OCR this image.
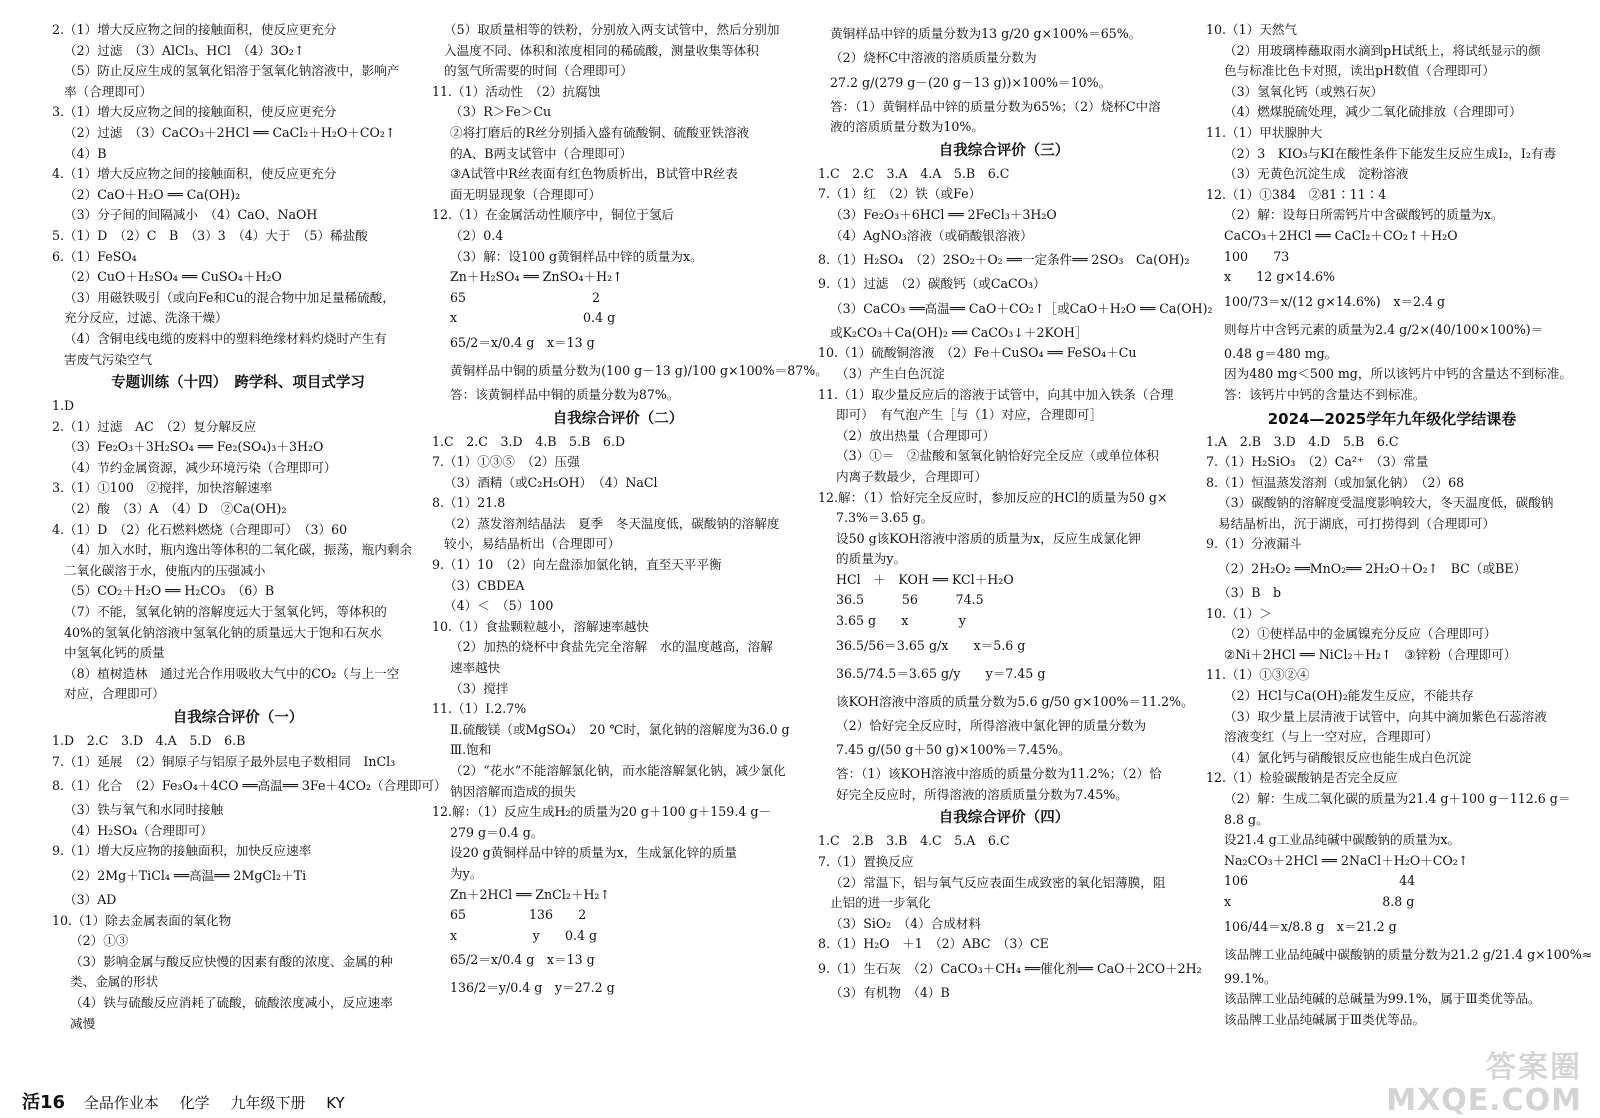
2.（1）增大反应物之间的接触面积，使反应更充分
（2）过滤　（3）AlCl₃、HCl　（4）3O₂↑
（5）防止反应生成的氢氧化铝溶于氢氧化钠溶液中，影响产
率（合理即可）
3.（1）增大反应物之间的接触面积，使反应更充分
（2）过滤　（3）CaCO₃＋2HCl ══ CaCl₂＋H₂O＋CO₂↑
（4）B
4.（1）增大反应物之间的接触面积，使反应更充分
（2）CaO＋H₂O ══ Ca(OH)₂
（3）分子间的间隔减小　（4）CaO、NaOH
5.（1）D　（2）C　B　（3）3　（4）大于　（5）稀盐酸
6.（1）FeSO₄
（2）CuO＋H₂SO₄ ══ CuSO₄＋H₂O
（3）用磁铁吸引（或向Fe和Cu的混合物中加足量稀硫酸，
充分反应，过滤、洗涤干燥）
（4）含铜电线电缆的废料中的塑料绝缘材料灼烧时产生有
害废气污染空气
专题训练（十四）　跨学科、项目式学习
1.D
2.（1）过滤　AC　（2）复分解反应
（3）Fe₂O₃＋3H₂SO₄ ══ Fe₂(SO₄)₃＋3H₂O
（4）节约金属资源，减少环境污染（合理即可）
3.（1）①100　②搅拌，加快溶解速率
（2）酸　（3）A　（4）D　②Ca(OH)₂
4.（1）D　（2）化石燃料燃烧（合理即可）　（3）60
（4）加入水时，瓶内逸出等体积的二氧化碳，振荡，瓶内剩余
二氧化碳溶于水，使瓶内的压强减小
（5）CO₂＋H₂O ══ H₂CO₃　（6）B
（7）不能，氢氧化钠的溶解度远大于氢氧化钙，等体积的
40%的氢氧化钠溶液中氢氧化钠的质量远大于饱和石灰水
中氢氧化钙的质量
（8）植树造林　通过光合作用吸收大气中的CO₂（与上一空
对应，合理即可）
自我综合评价（一）
1.D　2.C　3.D　4.A　5.D　6.B
7.（1）延展　（2）铜原子与铝原子最外层电子数相同　InCl₃
8.（1）化合　（2）Fe₃O₄＋4CO ══高温══ 3Fe＋4CO₂（合理即可）
（3）铁与氧气和水同时接触
（4）H₂SO₄（合理即可）
9.（1）增大反应物的接触面积，加快反应速率
（2）2Mg＋TiCl₄ ══高温══ 2MgCl₂＋Ti
（3）AD
10.（1）除去金属表面的氧化物
（2）①③
（3）影响金属与酸反应快慢的因素有酸的浓度、金属的种
类、金属的形状
（4）铁与硫酸反应消耗了硫酸，硫酸浓度减小，反应速率
减慢
（5）取质量相等的铁粉，分别放入两支试管中，然后分别加
入温度不同、体积和浓度相同的稀硫酸，测量收集等体积
的氢气所需要的时间（合理即可）
11.（1）活动性　（2）抗腐蚀
（3）R＞Fe＞Cu
②将打磨后的R丝分别插入盛有硫酸铜、硫酸亚铁溶液
的A、B两支试管中（合理即可）
③A试管中R丝表面有红色物质析出，B试管中R丝表
面无明显现象（合理即可）
12.（1）在金属活动性顺序中，铜位于氢后
（2）0.4
（3）解：设100 g黄铜样品中锌的质量为x。
Zn＋H₂SO₄ ══ ZnSO₄＋H₂↑
65　　　　　　　　　　2
x　　　　　　　　　　0.4 g
65/2＝x/0.4 g　x＝13 g
黄铜样品中铜的质量分数为(100 g－13 g)/100 g×100%＝87%。
答：该黄铜样品中铜的质量分数为87%。
自我综合评价（二）
1.C　2.C　3.D　4.B　5.B　6.D
7.（1）①③⑤　（2）压强
（3）酒精（或C₂H₅OH）　（4）NaCl
8.（1）21.8
（2）蒸发溶剂结晶法　夏季　冬天温度低，碳酸钠的溶解度
较小，易结晶析出（合理即可）
9.（1）10　（2）向左盘添加氯化钠，直至天平平衡
（3）CBDEA
（4）＜　（5）100
10.（1）食盐颗粒越小，溶解速率越快
（2）加热的烧杯中食盐先完全溶解　水的温度越高，溶解
速率越快
（3）搅拌
11.（1）Ⅰ.2.7%
Ⅱ.硫酸镁（或MgSO₄）　20 ℃时，氯化钠的溶解度为36.0 g
Ⅲ.饱和
（2）“花水”不能溶解氯化钠，而水能溶解氯化钠，减少氯化
钠因溶解而造成的损失
12.解：（1）反应生成H₂的质量为20 g＋100 g＋159.4 g－
279 g＝0.4 g。
设20 g黄铜样品中锌的质量为x，生成氯化锌的质量
为y。
Zn＋2HCl ══ ZnCl₂＋H₂↑
65　　　　　136　　2
x　　　　　　y　　0.4 g
65/2＝x/0.4 g　x＝13 g
136/2＝y/0.4 g　y＝27.2 g
黄铜样品中锌的质量分数为13 g/20 g×100%＝65%。
（2）烧杯C中溶液的溶质质量分数为
27.2 g/(279 g－(20 g－13 g))×100%＝10%。
答：（1）黄铜样品中锌的质量分数为65%；（2）烧杯C中溶
液的溶质质量分数为10%。
自我综合评价（三）
1.C　2.C　3.A　4.A　5.B　6.C
7.（1）红　（2）铁（或Fe）
（3）Fe₂O₃＋6HCl ══ 2FeCl₃＋3H₂O
（4）AgNO₃溶液（或硝酸银溶液）
8.（1）H₂SO₄　（2）2SO₂＋O₂ ══一定条件══ 2SO₃　Ca(OH)₂
9.（1）过滤　（2）碳酸钙（或CaCO₃）
（3）CaCO₃ ══高温══ CaO＋CO₂↑［或CaO＋H₂O ══ Ca(OH)₂
或K₂CO₃＋Ca(OH)₂ ══ CaCO₃↓＋2KOH］
10.（1）硫酸铜溶液　（2）Fe＋CuSO₄ ══ FeSO₄＋Cu
（3）产生白色沉淀
11.（1）取少量反应后的溶液于试管中，向其中加入铁条（合理
即可）　有气泡产生［与（1）对应，合理即可］
（2）放出热量（合理即可）
（3）①＝　②盐酸和氢氧化钠恰好完全反应（或单位体积
内离子数最少，合理即可）
12.解：（1）恰好完全反应时，参加反应的HCl的质量为50 g×
7.3%＝3.65 g。
设50 g该KOH溶液中溶质的质量为x，反应生成氯化钾
的质量为y。
HCl　＋　KOH ══ KCl＋H₂O
36.5　　　56　　　74.5
3.65 g　　x　　　　y
36.5/56＝3.65 g/x　　x＝5.6 g
36.5/74.5＝3.65 g/y　　y＝7.45 g
该KOH溶液中溶质的质量分数为5.6 g/50 g×100%＝11.2%。
（2）恰好完全反应时，所得溶液中氯化钾的质量分数为
7.45 g/(50 g＋50 g)×100%＝7.45%。
答：（1）该KOH溶液中溶质的质量分数为11.2%；（2）恰
好完全反应时，所得溶液的溶质质量分数为7.45%。
自我综合评价（四）
1.C　2.B　3.B　4.C　5.A　6.C
7.（1）置换反应
（2）常温下，铝与氧气反应表面生成致密的氧化铝薄膜，阻
止铝的进一步氧化
（3）Si̇O₂　（4）合成材料
8.（1）H₂O　＋1　（2）ABC　（3）CE
9.（1）生石灰　（2）CaCO₃＋CH₄ ══催化剂══ CaO＋2CO＋2H₂
（3）有机物　（4）B
10.（1）天然气
（2）用玻璃棒蘸取雨水滴到pH试纸上，将试纸显示的颜
色与标准比色卡对照，读出pH数值（合理即可）
（3）氢氧化钙（或熟石灰）
（4）燃煤脱硫处理，减少二氧化硫排放（合理即可）
11.（1）甲状腺肿大
（2）3　KIO₃与KI在酸性条件下能发生反应生成I₂，I₂有毒
（3）无黄色沉淀生成　淀粉溶液
12.（1）①384　②81∶11∶4
（2）解：设每日所需钙片中含碳酸钙的质量为x。
CaCO₃＋2HCl ══ CaCl₂＋CO₂↑＋H₂O
100　　73
x　　12 g×14.6%
100/73＝x/(12 g×14.6%)　x＝2.4 g
则每片中含钙元素的质量为2.4 g/2×(40/100×100%)＝
0.48 g＝480 mg。
因为480 mg＜500 mg，所以该钙片中钙的含量达不到标准。
答：该钙片中钙的含量达不到标准。
2024—2025学年九年级化学结课卷
1.A　2.B　3.D　4.D　5.B　6.C
7.（1）H₂Si̇O₃　（2）Ca²⁺　（3）常量
8.（1）恒温蒸发溶剂（或加氯化钠）　（2）68
（3）碳酸钠的溶解度受温度影响较大，冬天温度低，碳酸钠
易结晶析出，沉于湖底，可打捞得到（合理即可）
9.（1）分液漏斗
（2）2H₂O₂ ══MnO₂══ 2H₂O＋O₂↑　BC（或BE）
（3）B　b
10.（1）＞
（2）①使样品中的金属镍充分反应（合理即可）
②Ni＋2HCl ══ NiCl₂＋H₂↑　③锌粉（合理即可）
11.（1）①③②④
（2）HCl与Ca(OH)₂能发生反应，不能共存
（3）取少量上层清液于试管中，向其中滴加紫色石蕊溶液
溶液变红（与上一空对应，合理即可）
（4）氯化钙与硝酸银反应也能生成白色沉淀
12.（1）检验碳酸钠是否完全反应
（2）解：生成二氧化碳的质量为21.4 g＋100 g－112.6 g＝
8.8 g。
设21.4 g工业品纯碱中碳酸钠的质量为x。
Na₂CO₃＋2HCl ══ 2NaCl＋H₂O＋CO₂↑
106　　　　　　　　　　　　44
x　　　　　　　　　　　　8.8 g
106/44＝x/8.8 g　x＝21.2 g
该品牌工业品纯碱中碳酸钠的质量分数为21.2 g/21.4 g×100%≈
99.1%。
该品牌工业品纯碱的总碱量为99.1%，属于Ⅲ类优等品。
该品牌工业品纯碱属于Ⅲ类优等品。
活16 全品作业本 化学 九年级下册 KY
答案圈
MXQE.COM
